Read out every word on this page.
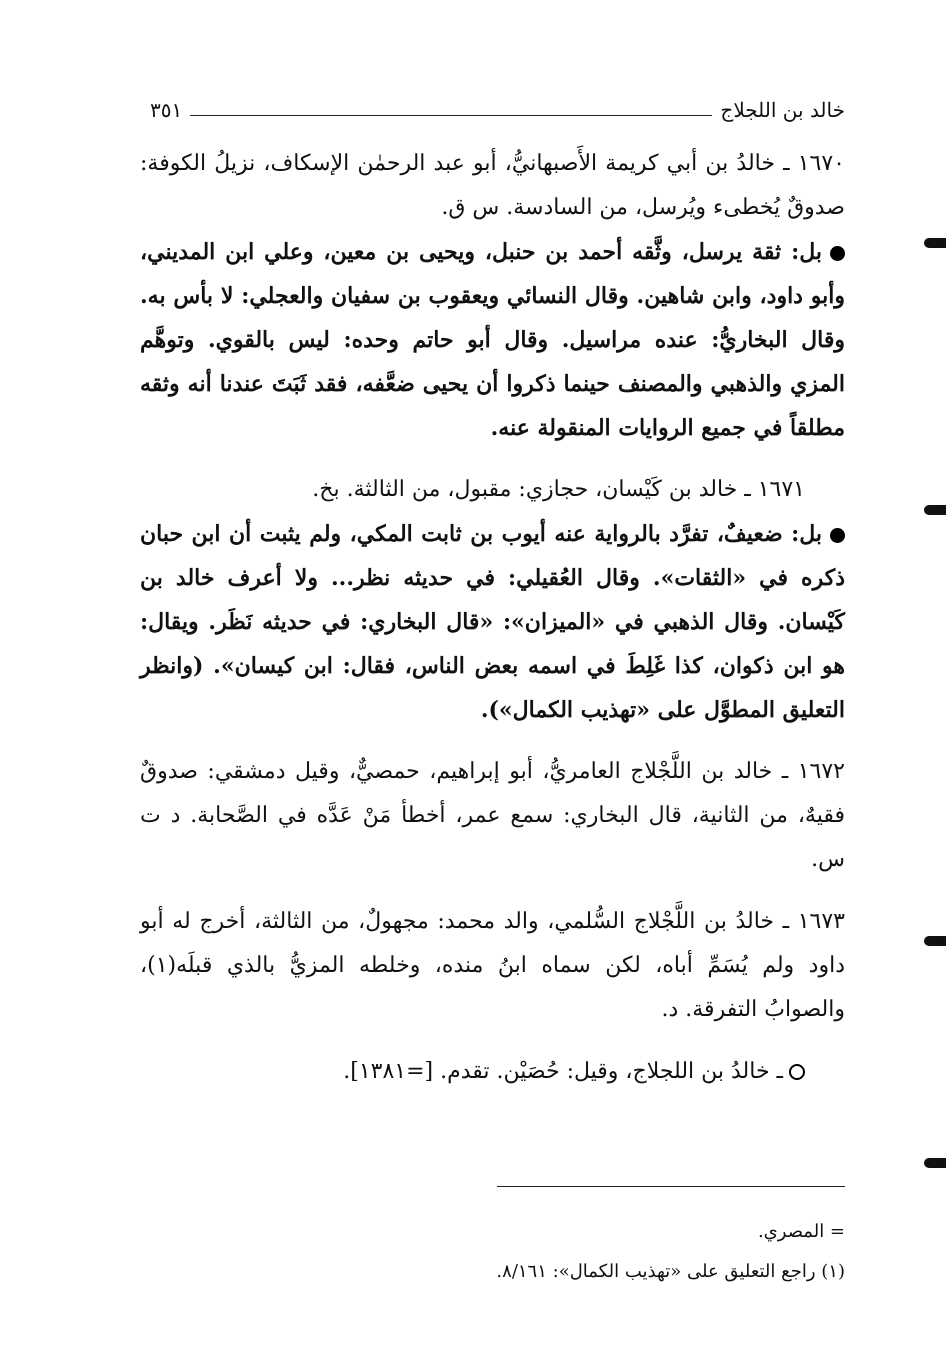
خالد بن اللجلاج
٣٥١

١٦٧٠ ـ خالدُ بن أبي كريمة الأَصبهانيُّ، أبو عبد الرحمٰن الإسكاف، نزيلُ الكوفة: صدوقٌ يُخطىء ويُرسل، من السادسة. س ق.

بل: ثقة يرسل، وثَّقه أحمد بن حنبل، ويحيى بن معين، وعلي ابن المديني، وأبو داود، وابن شاهين. وقال النسائي ويعقوب بن سفيان والعجلي: لا بأس به. وقال البخاريُّ: عنده مراسيل. وقال أبو حاتم وحده: ليس بالقوي. وتوهَّم المزي والذهبي والمصنف حينما ذكروا أن يحيى ضعَّفه، فقد ثَبَتَ عندنا أنه وثقه مطلقاً في جميع الروايات المنقولة عنه.

١٦٧١ ـ خالد بن كَيْسان، حجازي: مقبول، من الثالثة. بخ.

بل: ضعيفٌ، تفرَّد بالرواية عنه أيوب بن ثابت المكي، ولم يثبت أن ابن حبان ذكره في «الثقات». وقال العُقيلي: في حديثه نظر... ولا أعرف خالد بن كَيْسان. وقال الذهبي في «الميزان»: «قال البخاري: في حديثه نَظَر. ويقال: هو ابن ذكوان، كذا غَلِطَ في اسمه بعض الناس، فقال: ابن كيسان». (وانظر التعليق المطوَّل على «تهذيب الكمال»).

١٦٧٢ ـ خالد بن اللَّجْلاج العامريُّ، أبو إبراهيم، حمصيٌّ، وقيل دمشقي: صدوقٌ فقيهٌ، من الثانية، قال البخاري: سمع عمر، أخطأ مَنْ عَدَّه في الصَّحابة. د ت س.

١٦٧٣ ـ خالدُ بن اللَّجْلاج السُّلمي، والد محمد: مجهولٌ، من الثالثة، أخرج له أبو داود ولم يُسَمِّ أباه، لكن سماه ابنُ منده، وخلطه المزيُّ بالذي قبلَه(١)، والصوابُ التفرقة. د.

ـ خالدُ بن اللجلاج، وقيل: حُصَيْن. تقدم. [=١٣٨١].

= المصري.

(١) راجع التعليق على «تهذيب الكمال»: ٨/١٦١.
